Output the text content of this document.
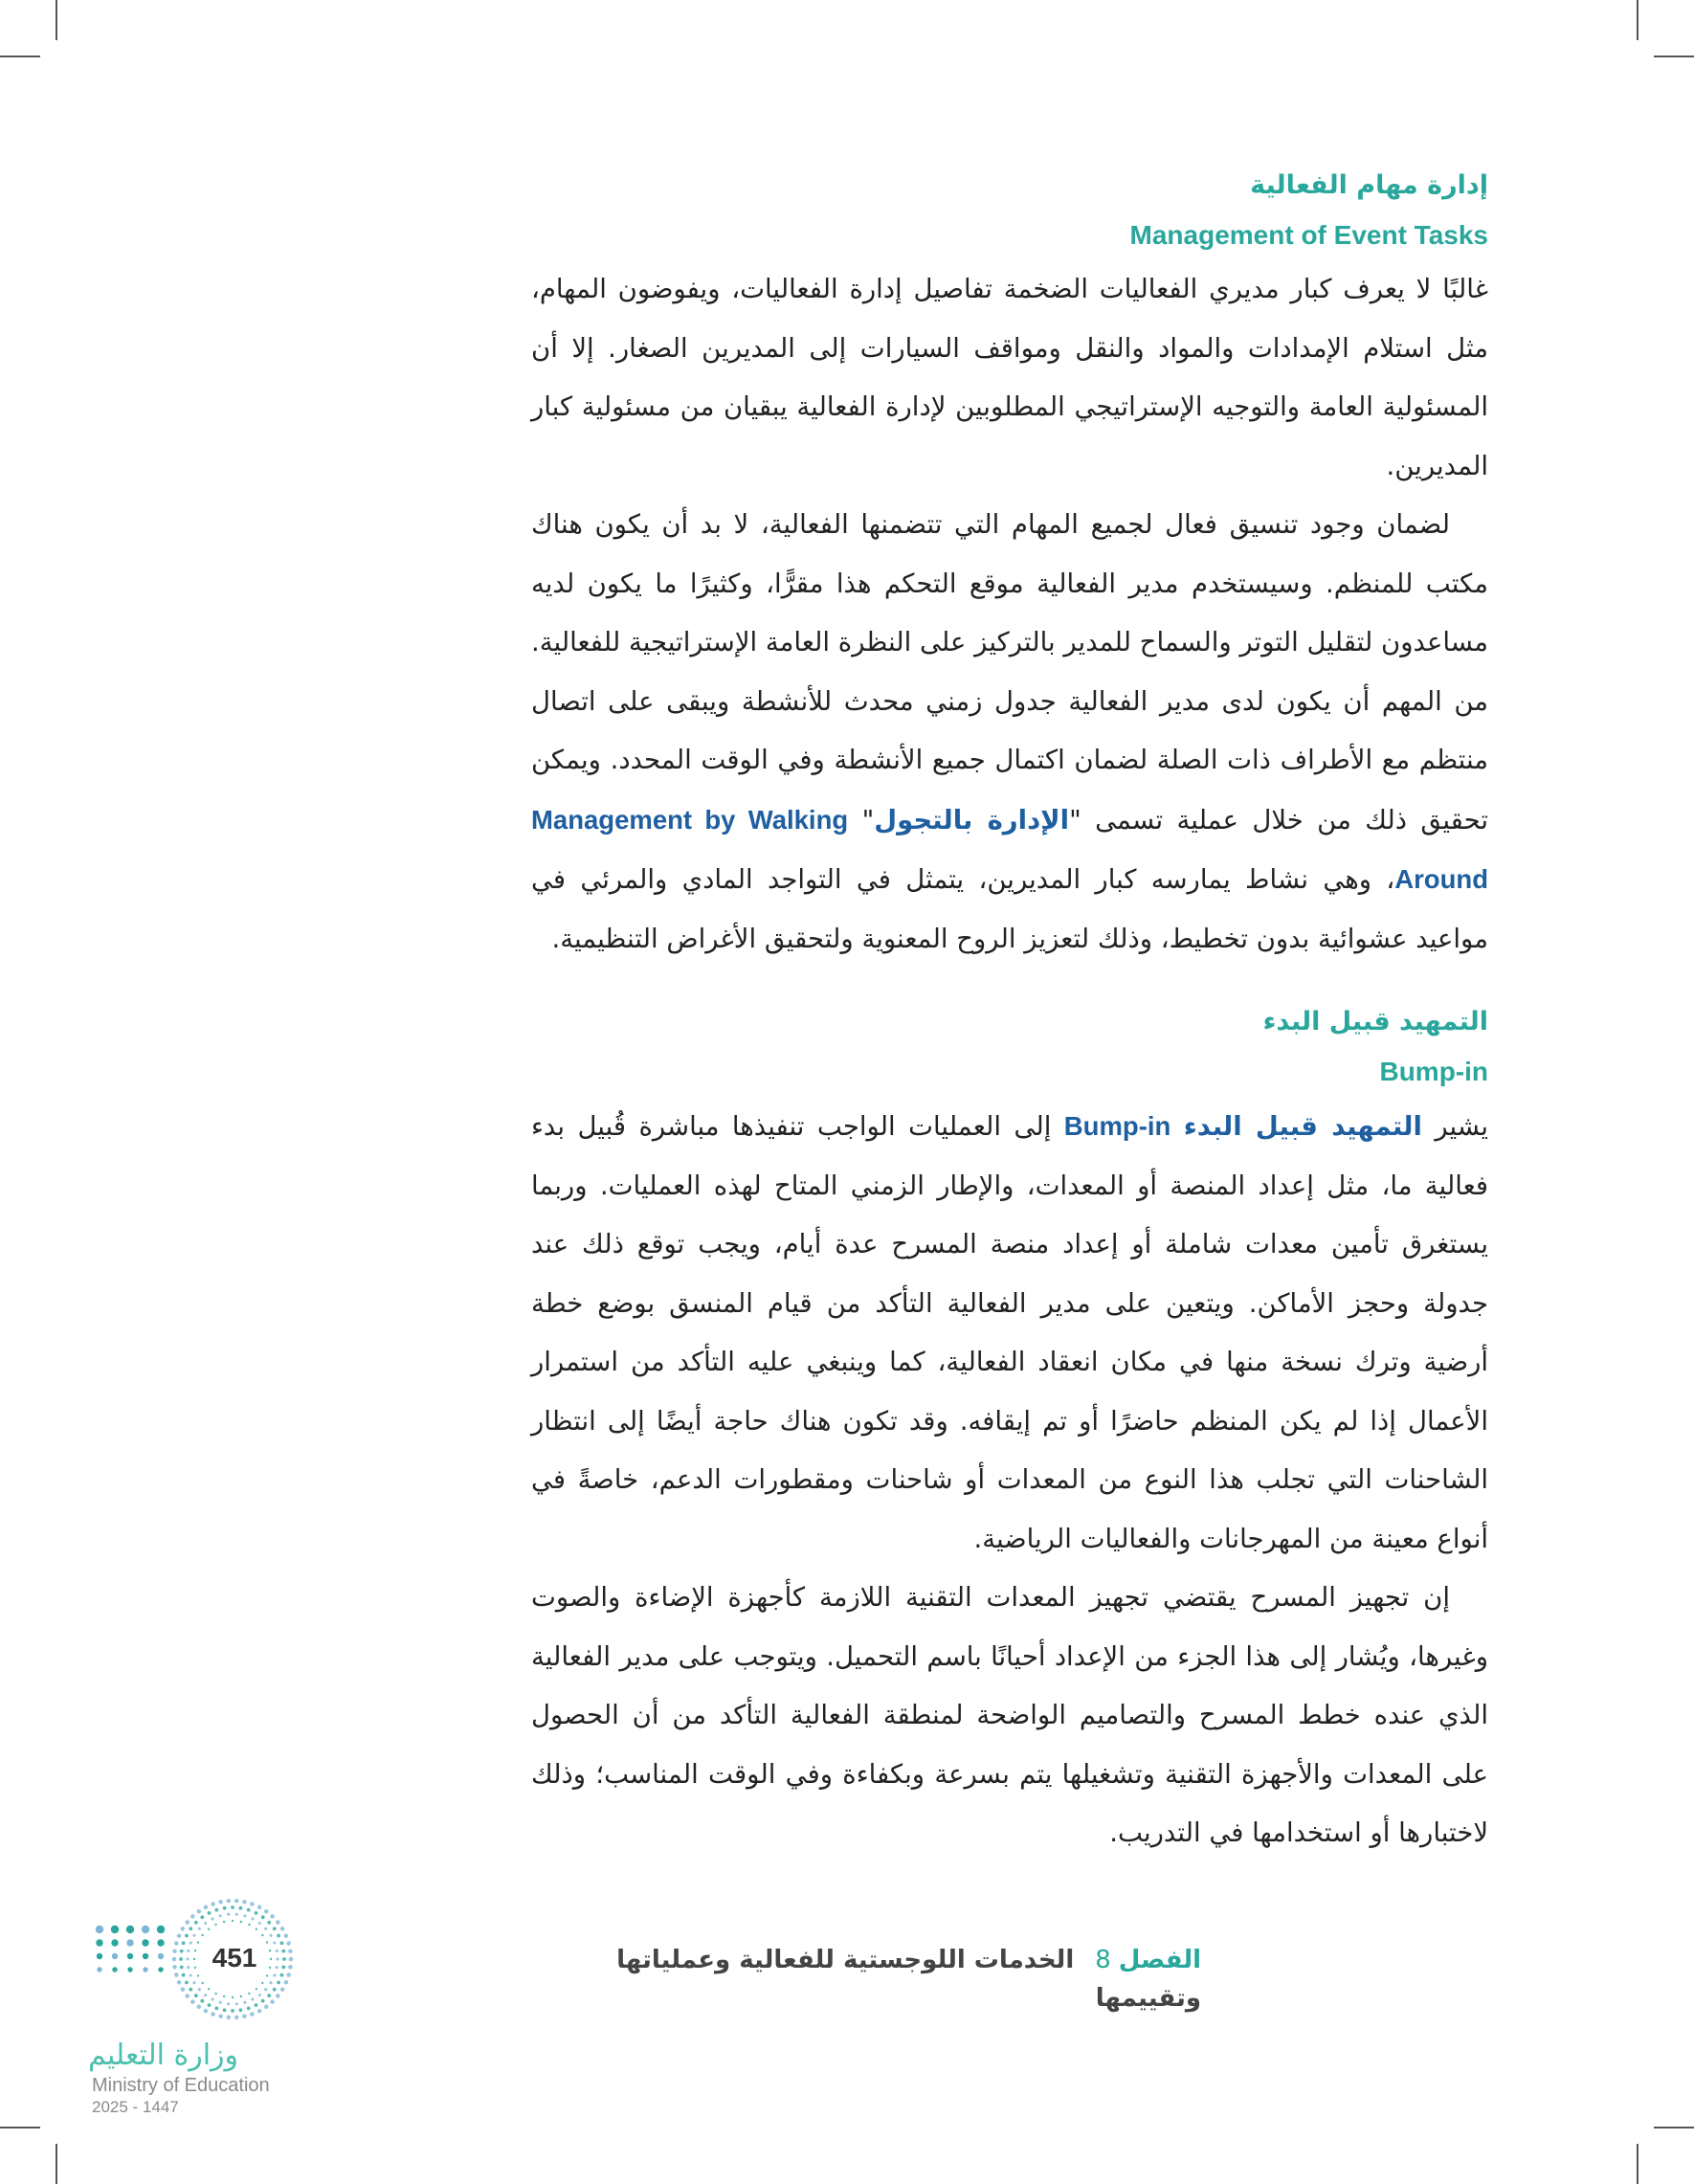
إدارة مهام الفعالية
Management of Event Tasks

غالبًا لا يعرف كبار مديري الفعاليات الضخمة تفاصيل إدارة الفعاليات، ويفوضون المهام، مثل استلام الإمدادات والمواد والنقل ومواقف السيارات إلى المديرين الصغار. إلا أن المسئولية العامة والتوجيه الإستراتيجي المطلوبين لإدارة الفعالية يبقيان من مسئولية كبار المديرين.

لضمان وجود تنسيق فعال لجميع المهام التي تتضمنها الفعالية، لا بد أن يكون هناك مكتب للمنظم. وسيستخدم مدير الفعالية موقع التحكم هذا مقرًّا، وكثيرًا ما يكون لديه مساعدون لتقليل التوتر والسماح للمدير بالتركيز على النظرة العامة الإستراتيجية للفعالية. من المهم أن يكون لدى مدير الفعالية جدول زمني محدث للأنشطة ويبقى على اتصال منتظم مع الأطراف ذات الصلة لضمان اكتمال جميع الأنشطة وفي الوقت المحدد. ويمكن تحقيق ذلك من خلال عملية تسمى "الإدارة بالتجول" Management by Walking Around، وهي نشاط يمارسه كبار المديرين، يتمثل في التواجد المادي والمرئي في مواعيد عشوائية بدون تخطيط، وذلك لتعزيز الروح المعنوية ولتحقيق الأغراض التنظيمية.

التمهيد قبيل البدء
Bump-in

يشير التمهيد قبيل البدء Bump-in إلى العمليات الواجب تنفيذها مباشرة قُبيل بدء فعالية ما، مثل إعداد المنصة أو المعدات، والإطار الزمني المتاح لهذه العمليات. وربما يستغرق تأمين معدات شاملة أو إعداد منصة المسرح عدة أيام، ويجب توقع ذلك عند جدولة وحجز الأماكن. ويتعين على مدير الفعالية التأكد من قيام المنسق بوضع خطة أرضية وترك نسخة منها في مكان انعقاد الفعالية، كما وينبغي عليه التأكد من استمرار الأعمال إذا لم يكن المنظم حاضرًا أو تم إيقافه. وقد تكون هناك حاجة أيضًا إلى انتظار الشاحنات التي تجلب هذا النوع من المعدات أو شاحنات ومقطورات الدعم، خاصةً في أنواع معينة من المهرجانات والفعاليات الرياضية.

إن تجهيز المسرح يقتضي تجهيز المعدات التقنية اللازمة كأجهزة الإضاءة والصوت وغيرها، ويُشار إلى هذا الجزء من الإعداد أحيانًا باسم التحميل. ويتوجب على مدير الفعالية الذي عنده خطط المسرح والتصاميم الواضحة لمنطقة الفعالية التأكد من أن الحصول على المعدات والأجهزة التقنية وتشغيلها يتم بسرعة وبكفاءة وفي الوقت المناسب؛ وذلك لاختبارها أو استخدامها في التدريب.

الفصل8الخدمات اللوجستية للفعالية وعملياتها وتقييمها
451
وزارة التعليم
Ministry of Education
2025 - 1447
